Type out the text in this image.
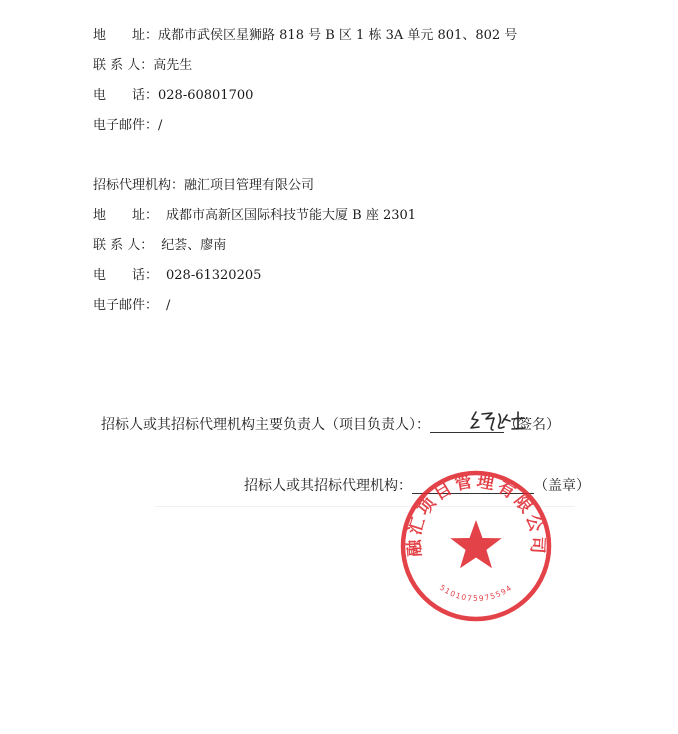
地　　址：成都市武侯区星狮路 818 号 B 区 1 栋 3A 单元 801、802 号
联 系 人：高先生
电　　话：028-60801700
电子邮件：/
招标代理机构：融汇项目管理有限公司
地　　址： 成都市高新区国际科技节能大厦 B 座 2301
联 系 人： 纪荟、廖南
电　　话： 028-61320205
电子邮件： /
招标人或其招标代理机构主要负责人（项目负责人）：	（签名）
招标人或其招标代理机构：	（盖章）
融汇项目管理有限公司
5101075975594
